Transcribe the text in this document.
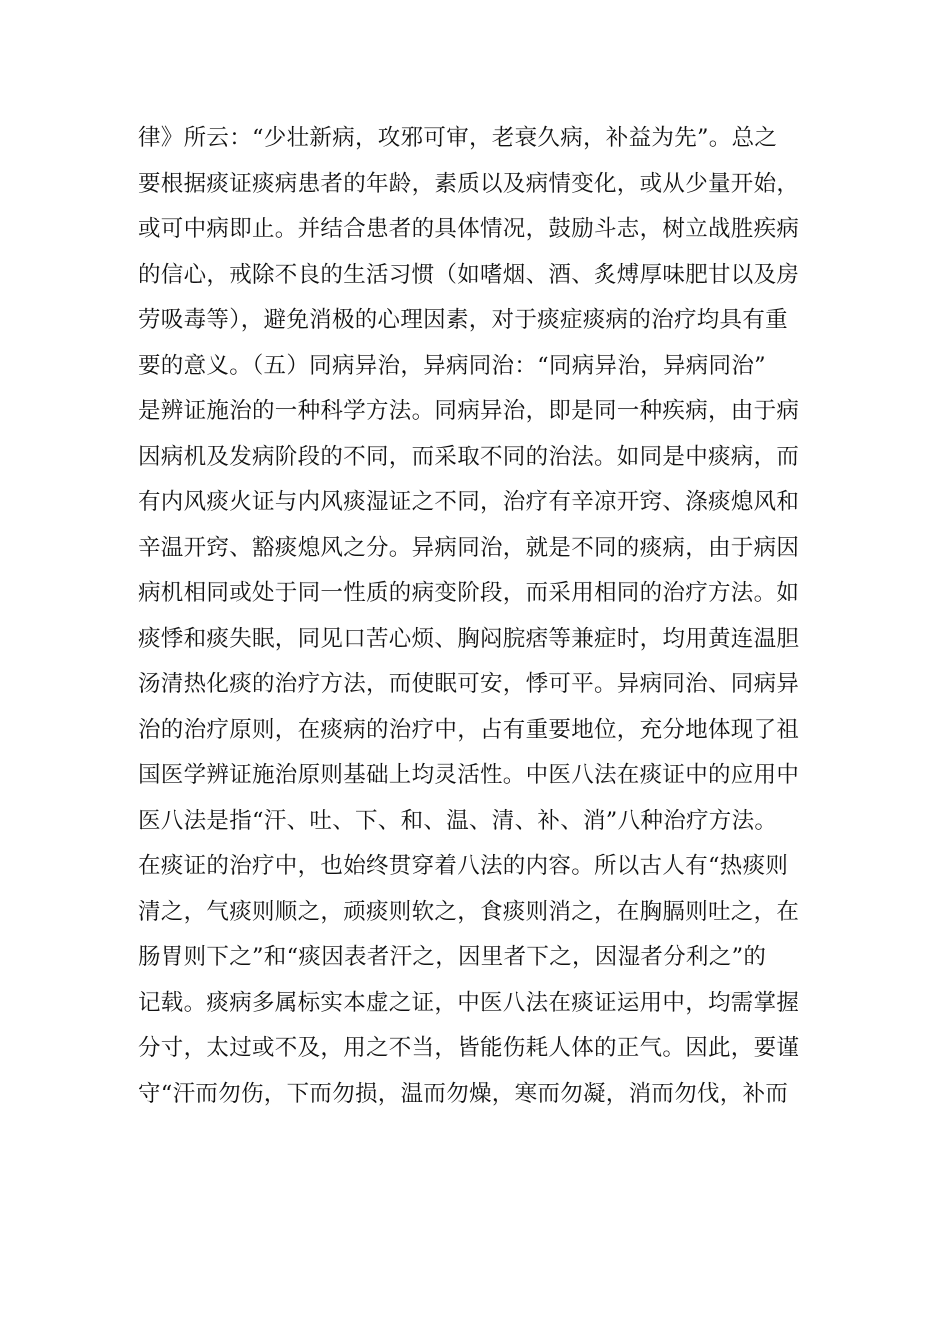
律》所云：“少壮新病，攻邪可审，老衰久病，补益为先”。总之
要根据痰证痰病患者的年龄，素质以及病情变化，或从少量开始，
或可中病即止。并结合患者的具体情况，鼓励斗志，树立战胜疾病
的信心，戒除不良的生活习惯（如嗜烟、酒、炙煿厚味肥甘以及房
劳吸毒等），避免消极的心理因素，对于痰症痰病的治疗均具有重
要的意义。（五）同病异治，异病同治：“同病异治，异病同治”
是辨证施治的一种科学方法。同病异治，即是同一种疾病，由于病
因病机及发病阶段的不同，而采取不同的治法。如同是中痰病，而
有内风痰火证与内风痰湿证之不同，治疗有辛凉开窍、涤痰熄风和
辛温开窍、豁痰熄风之分。异病同治，就是不同的痰病，由于病因
病机相同或处于同一性质的病变阶段，而采用相同的治疗方法。如
痰悸和痰失眠，同见口苦心烦、胸闷脘痞等兼症时，均用黄连温胆
汤清热化痰的治疗方法，而使眠可安，悸可平。异病同治、同病异
治的治疗原则，在痰病的治疗中，占有重要地位，充分地体现了祖
国医学辨证施治原则基础上均灵活性。中医八法在痰证中的应用中
医八法是指“汗、吐、下、和、温、清、补、消”八种治疗方法。
在痰证的治疗中，也始终贯穿着八法的内容。所以古人有“热痰则
清之，气痰则顺之，顽痰则软之，食痰则消之，在胸膈则吐之，在
肠胃则下之”和“痰因表者汗之，因里者下之，因湿者分利之”的
记载。痰病多属标实本虚之证，中医八法在痰证运用中，均需掌握
分寸，太过或不及，用之不当，皆能伤耗人体的正气。因此，要谨
守“汗而勿伤，下而勿损，温而勿燥，寒而勿凝，消而勿伐，补而
